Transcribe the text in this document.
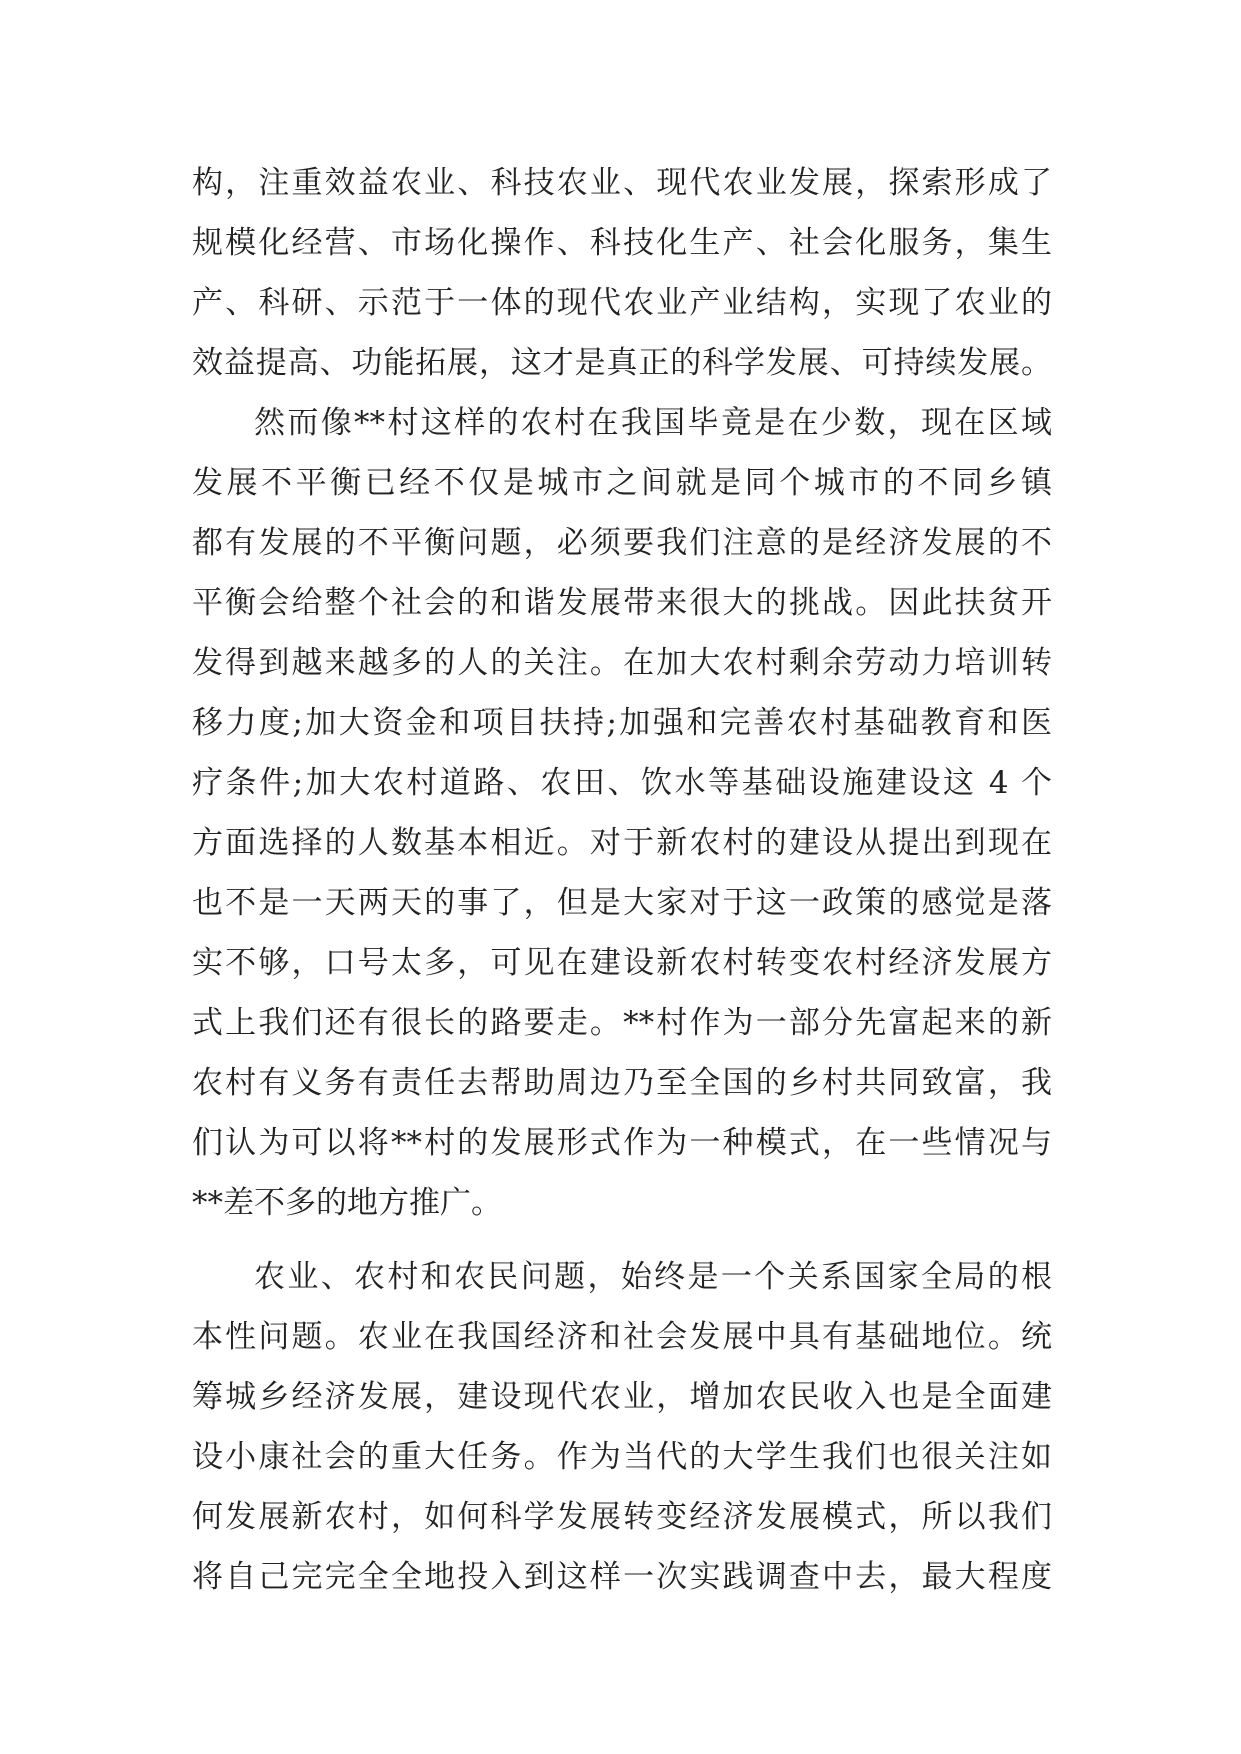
构，注重效益农业、科技农业、现代农业发展，探索形成了
规模化经营、市场化操作、科技化生产、社会化服务，集生
产、科研、示范于一体的现代农业产业结构，实现了农业的
效益提高、功能拓展，这才是真正的科学发展、可持续发展。
然而像**村这样的农村在我国毕竟是在少数，现在区域
发展不平衡已经不仅是城市之间就是同个城市的不同乡镇
都有发展的不平衡问题，必须要我们注意的是经济发展的不
平衡会给整个社会的和谐发展带来很大的挑战。因此扶贫开
发得到越来越多的人的关注。在加大农村剩余劳动力培训转
移力度;加大资金和项目扶持;加强和完善农村基础教育和医
疗条件;加大农村道路、农田、饮水等基础设施建设这 4 个
方面选择的人数基本相近。对于新农村的建设从提出到现在
也不是一天两天的事了，但是大家对于这一政策的感觉是落
实不够，口号太多，可见在建设新农村转变农村经济发展方
式上我们还有很长的路要走。**村作为一部分先富起来的新
农村有义务有责任去帮助周边乃至全国的乡村共同致富，我
们认为可以将**村的发展形式作为一种模式，在一些情况与
**差不多的地方推广。
农业、农村和农民问题，始终是一个关系国家全局的根
本性问题。农业在我国经济和社会发展中具有基础地位。统
筹城乡经济发展，建设现代农业，增加农民收入也是全面建
设小康社会的重大任务。作为当代的大学生我们也很关注如
何发展新农村，如何科学发展转变经济发展模式，所以我们
将自己完完全全地投入到这样一次实践调查中去，最大程度
